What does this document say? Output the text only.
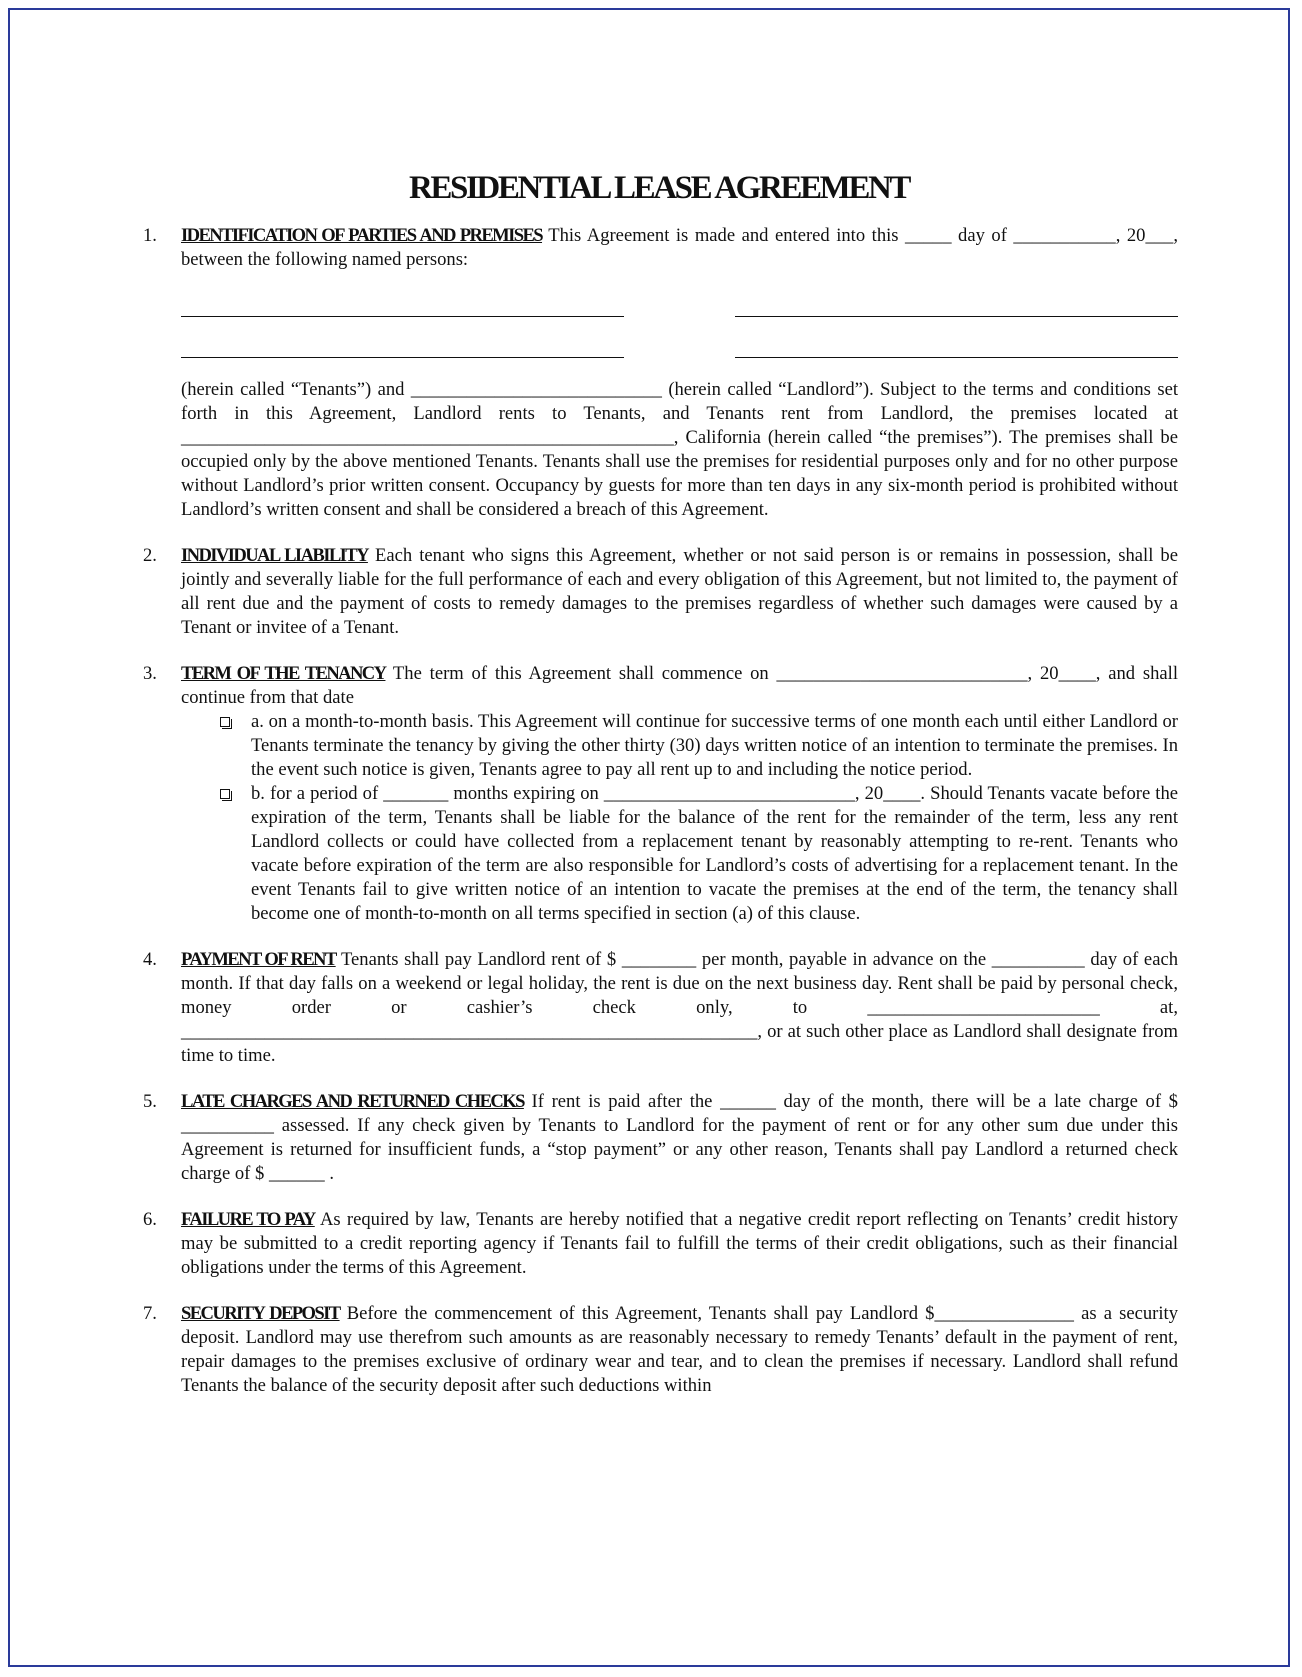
RESIDENTIAL LEASE AGREEMENT
1. IDENTIFICATION OF PARTIES AND PREMISES This Agreement is made and entered into this _____ day of ___________, 20___, between the following named persons:

(herein called “Tenants”) and ___________________________ (herein called “Landlord”). Subject to the terms and conditions set forth in this Agreement, Landlord rents to Tenants, and Tenants rent from Landlord, the premises located at _____________________________________________________, California (herein called “the premises”). The premises shall be occupied only by the above mentioned Tenants. Tenants shall use the premises for residential purposes only and for no other purpose without Landlord’s prior written consent. Occupancy by guests for more than ten days in any six-month period is prohibited without Landlord’s written consent and shall be considered a breach of this Agreement.

2. INDIVIDUAL LIABILITY Each tenant who signs this Agreement, whether or not said person is or remains in possession, shall be jointly and severally liable for the full performance of each and every obligation of this Agreement, but not limited to, the payment of all rent due and the payment of costs to remedy damages to the premises regardless of whether such damages were caused by a Tenant or invitee of a Tenant.

3. TERM OF THE TENANCY The term of this Agreement shall commence on ___________________________, 20____, and shall continue from that date

a. on a month-to-month basis. This Agreement will continue for successive terms of one month each until either Landlord or Tenants terminate the tenancy by giving the other thirty (30) days written notice of an intention to terminate the premises. In the event such notice is given, Tenants agree to pay all rent up to and including the notice period.

b. for a period of _______ months expiring on ___________________________, 20____. Should Tenants vacate before the expiration of the term, Tenants shall be liable for the balance of the rent for the remainder of the term, less any rent Landlord collects or could have collected from a replacement tenant by reasonably attempting to re-rent. Tenants who vacate before expiration of the term are also responsible for Landlord’s costs of advertising for a replacement tenant. In the event Tenants fail to give written notice of an intention to vacate the premises at the end of the term, the tenancy shall become one of month-to-month on all terms specified in section (a) of this clause.

4. PAYMENT OF RENT Tenants shall pay Landlord rent of $ ________ per month, payable in advance on the __________ day of each month. If that day falls on a weekend or legal holiday, the rent is due on the next business day. Rent shall be paid by personal check, money order or cashier’s check only, to _________________________ at, ______________________________________________________________, or at such other place as Landlord shall designate from time to time.

5. LATE CHARGES AND RETURNED CHECKS If rent is paid after the ______ day of the month, there will be a late charge of $ __________ assessed. If any check given by Tenants to Landlord for the payment of rent or for any other sum due under this Agreement is returned for insufficient funds, a “stop payment” or any other reason, Tenants shall pay Landlord a returned check charge of $ ______ .

6. FAILURE TO PAY As required by law, Tenants are hereby notified that a negative credit report reflecting on Tenants’ credit history may be submitted to a credit reporting agency if Tenants fail to fulfill the terms of their credit obligations, such as their financial obligations under the terms of this Agreement.

7. SECURITY DEPOSIT Before the commencement of this Agreement, Tenants shall pay Landlord $_______________ as a security deposit. Landlord may use therefrom such amounts as are reasonably necessary to remedy Tenants’ default in the payment of rent, repair damages to the premises exclusive of ordinary wear and tear, and to clean the premises if necessary. Landlord shall refund Tenants the balance of the security deposit after such deductions within
